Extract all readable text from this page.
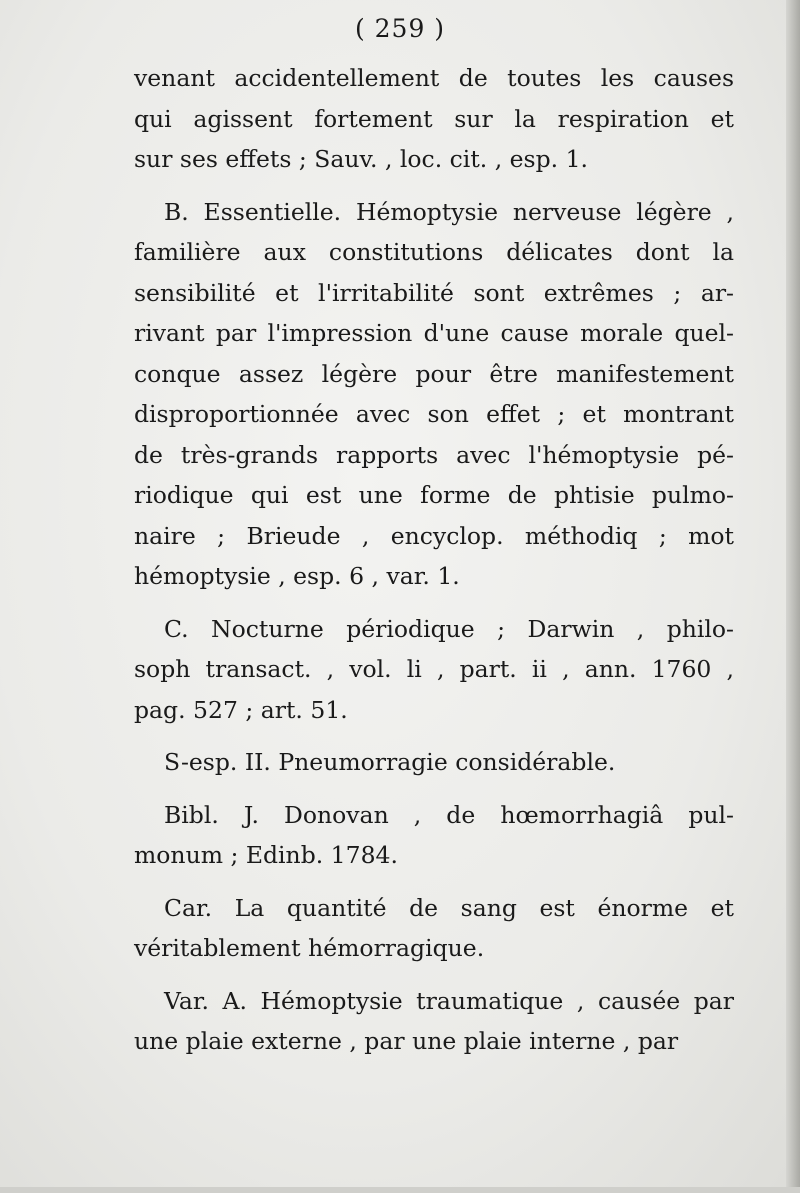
( 259 )
venant accidentellement de toutes les causes
qui agissent fortement sur la respiration et
sur ses effets ; Sauv. , loc. cit. , esp. 1.
B. Essentielle. Hémoptysie nerveuse légère ,
familière aux constitutions délicates dont la
sensibilité et l'irritabilité sont extrêmes ; ar-
rivant par l'impression d'une cause morale quel-
conque assez légère pour être manifestement
disproportionnée avec son effet ; et montrant
de très-grands rapports avec l'hémoptysie pé-
riodique qui est une forme de phtisie pulmo-
naire ; Brieude , encyclop. méthodiq ; mot
hémoptysie , esp. 6 , var. 1.
C. Nocturne périodique ; Darwin , philo-
soph transact. , vol. li , part. ii , ann. 1760 ,
pag. 527 ; art. 51.
S-esp. II. Pneumorragie considérable.
Bibl. J. Donovan , de hœmorrhagiâ pul-
monum ; Edinb. 1784.
Car. La quantité de sang est énorme et
véritablement hémorragique.
Var. A. Hémoptysie traumatique , causée par
une plaie externe , par une plaie interne , par
